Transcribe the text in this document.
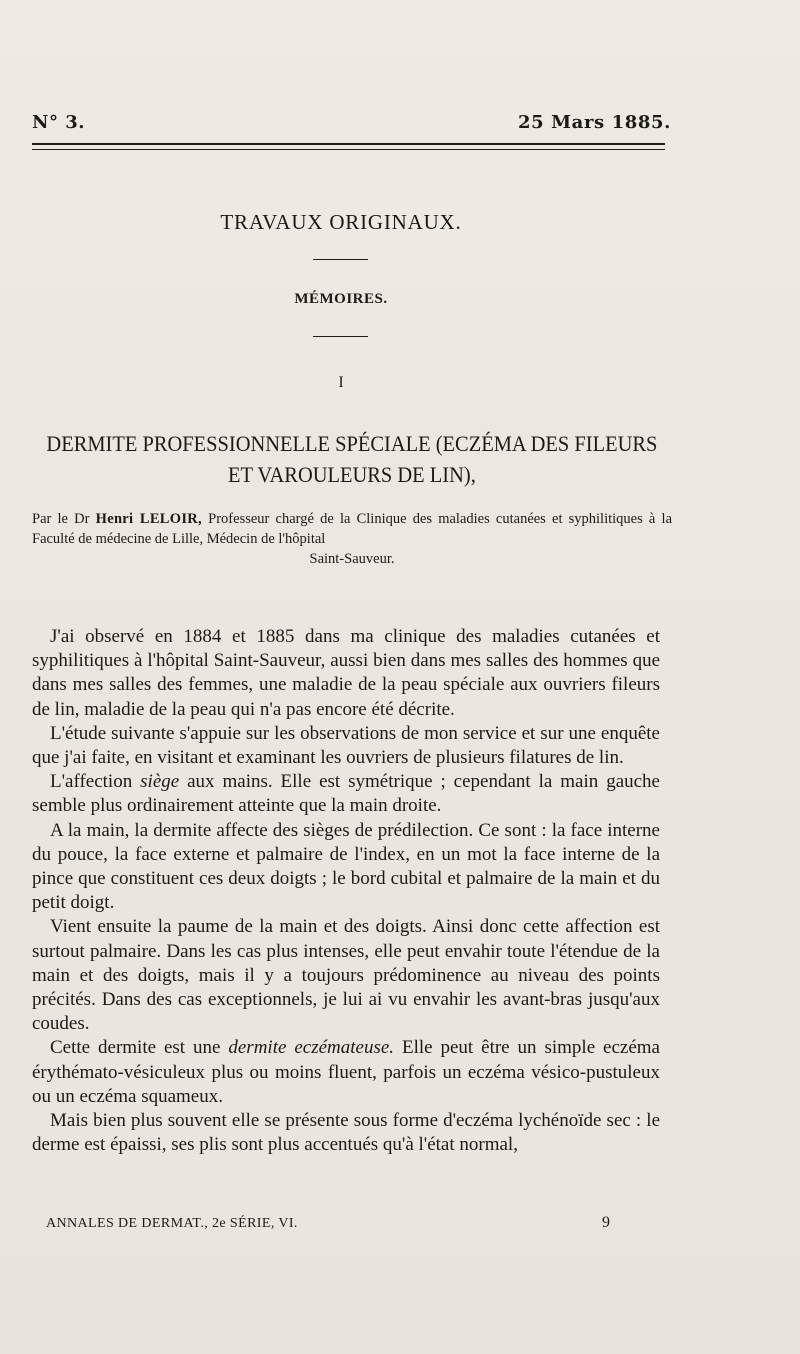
N° 3.	25 Mars 1885.
TRAVAUX ORIGINAUX.
MÉMOIRES.
I
DERMITE PROFESSIONNELLE SPÉCIALE (ECZÉMA DES FILEURS ET VAROULEURS DE LIN),
Par le Dr Henri LELOIR, Professeur chargé de la Clinique des maladies cutanées et syphilitiques à la Faculté de médecine de Lille, Médecin de l'hôpital
Saint-Sauveur.

J'ai observé en 1884 et 1885 dans ma clinique des maladies cutanées et syphilitiques à l'hôpital Saint-Sauveur, aussi bien dans mes salles des hommes que dans mes salles des femmes, une maladie de la peau spéciale aux ouvriers fileurs de lin, maladie de la peau qui n'a pas encore été décrite.

L'étude suivante s'appuie sur les observations de mon service et sur une enquête que j'ai faite, en visitant et examinant les ouvriers de plusieurs filatures de lin.

L'affection siège aux mains. Elle est symétrique ; cependant la main gauche semble plus ordinairement atteinte que la main droite.

A la main, la dermite affecte des sièges de prédilection. Ce sont : la face interne du pouce, la face externe et palmaire de l'index, en un mot la face interne de la pince que constituent ces deux doigts ; le bord cubital et palmaire de la main et du petit doigt.

Vient ensuite la paume de la main et des doigts. Ainsi donc cette affection est surtout palmaire. Dans les cas plus intenses, elle peut envahir toute l'étendue de la main et des doigts, mais il y a toujours prédominence au niveau des points précités. Dans des cas exceptionnels, je lui ai vu envahir les avant-bras jusqu'aux coudes.

Cette dermite est une dermite eczémateuse. Elle peut être un simple eczéma érythémato-vésiculeux plus ou moins fluent, parfois un eczéma vésico-pustuleux ou un eczéma squameux.

Mais bien plus souvent elle se présente sous forme d'eczéma lychénoïde sec : le derme est épaissi, ses plis sont plus accentués qu'à l'état normal,

ANNALES DE DERMAT., 2e SÉRIE, VI.	9
